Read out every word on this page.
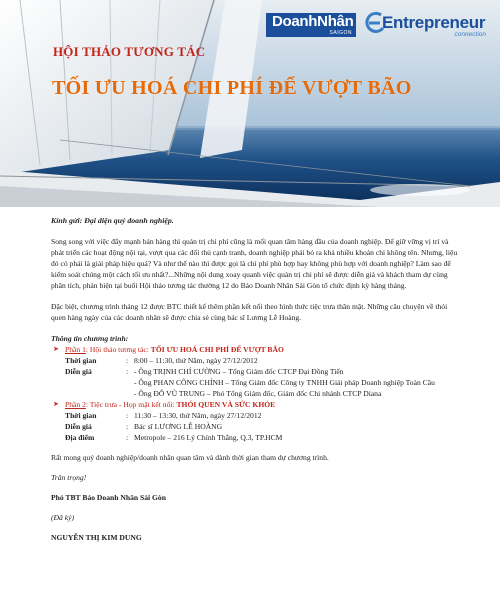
DoanhNhân
SAIGON
Entrepreneur
connection
HỘI THẢO TƯƠNG TÁC
TỐI ƯU HOÁ CHI PHÍ ĐỂ VƯỢT BÃO

Kính gửi: Đại diện quý doanh nghiệp.

Song song với việc đẩy mạnh bán hàng thì quản trị chi phí cũng là mối quan tâm hàng đầu của doanh nghiệp. Để giữ vững vị trí và phát triển các hoạt động nội tại, vượt qua các đối thủ cạnh tranh, doanh nghiệp phải bỏ ra khá nhiều khoản chi không tên. Nhưng, liệu đó có phải là giải pháp hiệu quả? Và như thế nào thì được gọi là chi phí phù hợp hay không phù hợp với doanh nghiệp? Làm sao để kiểm soát chúng một cách tối ưu nhất?...Những nội dung xoay quanh việc quản trị chi phí sẽ được diễn giả và khách tham dự cùng phân tích, phản biện tại buổi Hội thảo tương tác thường 12 do Báo Doanh Nhân Sài Gòn tổ chức định kỳ hàng tháng.

Đặc biệt, chương trình tháng 12 được BTC thiết kế thêm phần kết nối theo hình thức tiệc trưa thân mật. Những câu chuyện về thói quen hàng ngày của các doanh nhân sẽ được chia sẻ cùng bác sĩ Lương Lễ Hoàng.

Thông tin chương trình:

➤ Phần 1: Hội thảo tương tác: TỐI ƯU HOÁ CHI PHÍ ĐỂ VƯỢT BÃO
Thời gian	: 8:00 – 11:30, thứ Năm, ngày 27/12/2012
Diễn giả	: - Ông TRỊNH CHÍ CƯỜNG – Tổng Giám đốc CTCP Đại Đồng Tiến
- Ông PHAN CÔNG CHÍNH – Tổng Giám đốc Công ty TNHH Giải pháp Doanh nghiệp Toàn Cầu
- Ông ĐỖ VŨ TRUNG – Phó Tổng Giám đốc, Giám đốc Chi nhánh CTCP Diana
➤ Phần 2: Tiệc trưa - Họp mặt kết nối: THÓI QUEN VÀ SỨC KHỎE
Thời gian	: 11:30 – 13:30, thứ Năm, ngày 27/12/2012
Diễn giả	: Bác sĩ LƯƠNG LỄ HOÀNG
Địa điểm	: Metropole – 216 Lý Chính Thắng, Q.3, TP.HCM

Rất mong quý doanh nghiệp/doanh nhân quan tâm và dành thời gian tham dự chương trình.

Trân trọng!

Phó TBT Báo Doanh Nhân Sài Gòn

(Đã ký)

NGUYỄN THỊ KIM DUNG
